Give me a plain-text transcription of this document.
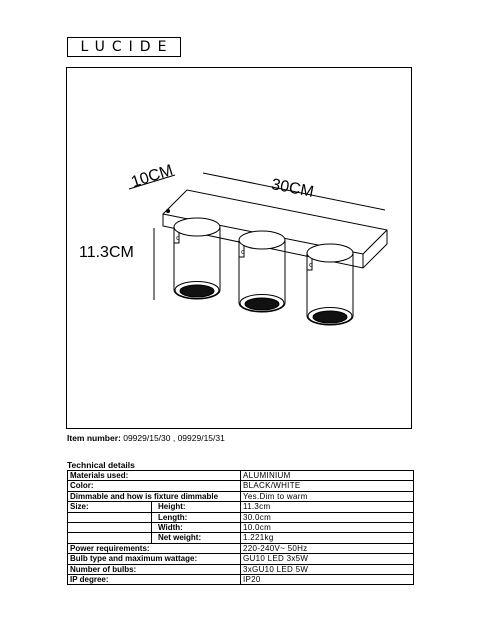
LUCIDE
c
c
c
10CM	30CM
11.3CM
Item number: 09929/15/30 , 09929/15/31
Technical details
Materials used:		ALUMINIUM
Color:		BLACK/WHITE
Dimmable and how is fixture dimmable		Yes.Dim to warm
Size:	Height:	11.3cm
	Length:	30.0cm
	Width:	10.0cm
	Net weight:	1.221kg
Power requirements:		220-240V~ 50Hz
Bulb type and maximum wattage:		GU10 LED 3x5W
Number of bulbs:		3xGU10 LED 5W
IP degree:		IP20
